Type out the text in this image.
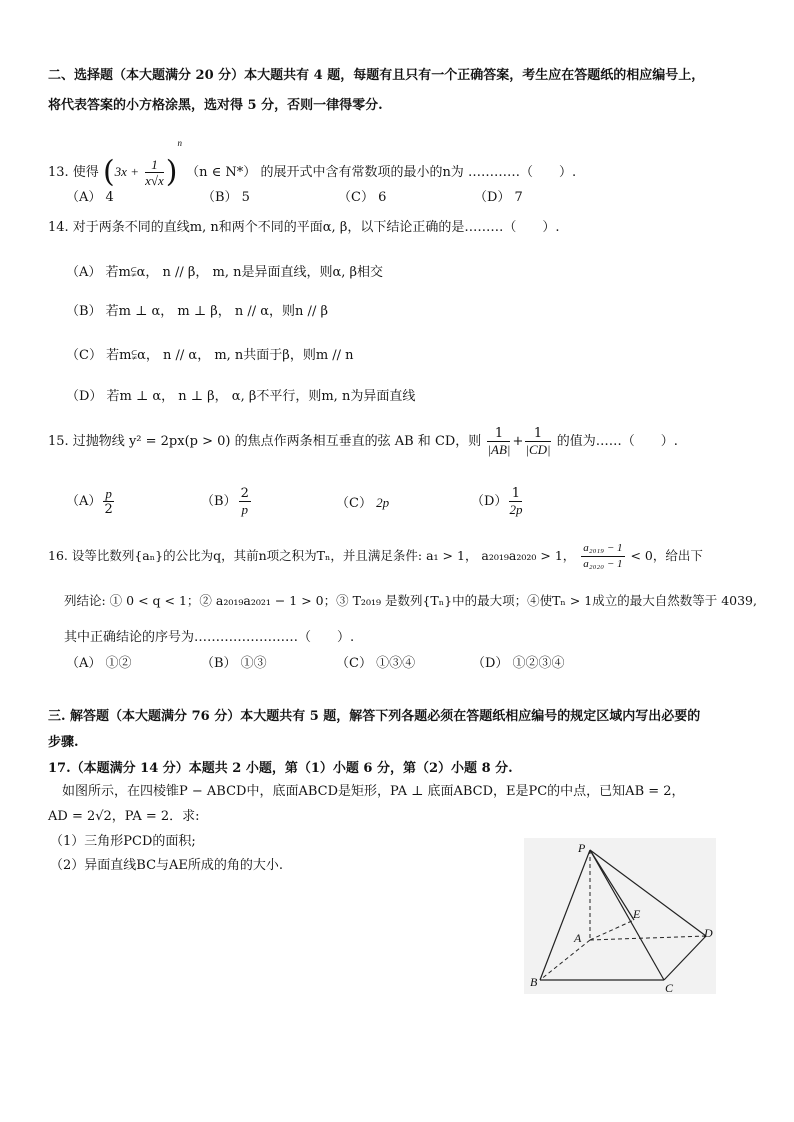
二、选择题（本大题满分 20 分）本大题共有 4 题，每题有且只有一个正确答案，考生应在答题纸的相应编号上，
将代表答案的小方格涂黑，选对得 5 分，否则一律得零分.
13. 使得 $(3x + \frac{1}{x√x} )^n$ （n ∈ N*） 的展开式中含有常数项的最小的n为 …………（　　）.
（A） 4	（B） 5	（C） 6	（D） 7
14. 对于两条不同的直线m, n和两个不同的平面α, β，以下结论正确的是………（　　）.
（A） 若m⫋α， n // β， m, n是异面直线，则α, β相交
（B） 若m ⊥ α， m ⊥ β， n // α，则n // β
（C） 若m⫋α， n // α， m, n共面于β，则m // n
（D） 若m ⊥ α， n ⊥ β， α, β不平行，则m, n为异面直线
15. 过抛物线 y² = 2px(p > 0) 的焦点作两条相互垂直的弦 AB 和 CD，则 $\frac{1}{|AB|} + \frac{1}{|CD|}$ 的值为……（　　）.
$(A) \frac{p}{2}$	$(B) \frac{2}{p}$	（C） 2p	$(D) \frac{1}{2p}$
16. 设等比数列{aₙ}的公比为q，其前n项之积为Tₙ，并且满足条件: a₁ > 1， a₂₀₁₉a₂₀₂₀ > 1， $\frac{\text{a₂₀₁₉ − 1}}{\text{a₂₀₂₀ − 1}} < 0$，给出下
列结论: ① 0 < q < 1；② a₂₀₁₉a₂₀₂₁ − 1 > 0；③ T₂₀₁₉ 是数列{Tₙ}中的最大项；④使Tₙ > 1成立的最大自然数等于 4039,
其中正确结论的序号为……………………（　　）.
（A） ①②	（B） ①③	（C） ①③④	（D） ①②③④
三. 解答题（本大题满分 76 分）本大题共有 5 题，解答下列各题必须在答题纸相应编号的规定区域内写出必要的
步骤.
17.（本题满分 14 分）本题共 2 小题，第（1）小题 6 分，第（2）小题 8 分.
如图所示，在四棱锥P − ABCD中，底面ABCD是矩形，PA ⊥ 底面ABCD，E是PC的中点，已知AB = 2，
AD = 2√2，PA = 2．求:
（1）三角形PCD的面积;
（2）异面直线BC与AE所成的角的大小.
P
A
B	C
D
E
